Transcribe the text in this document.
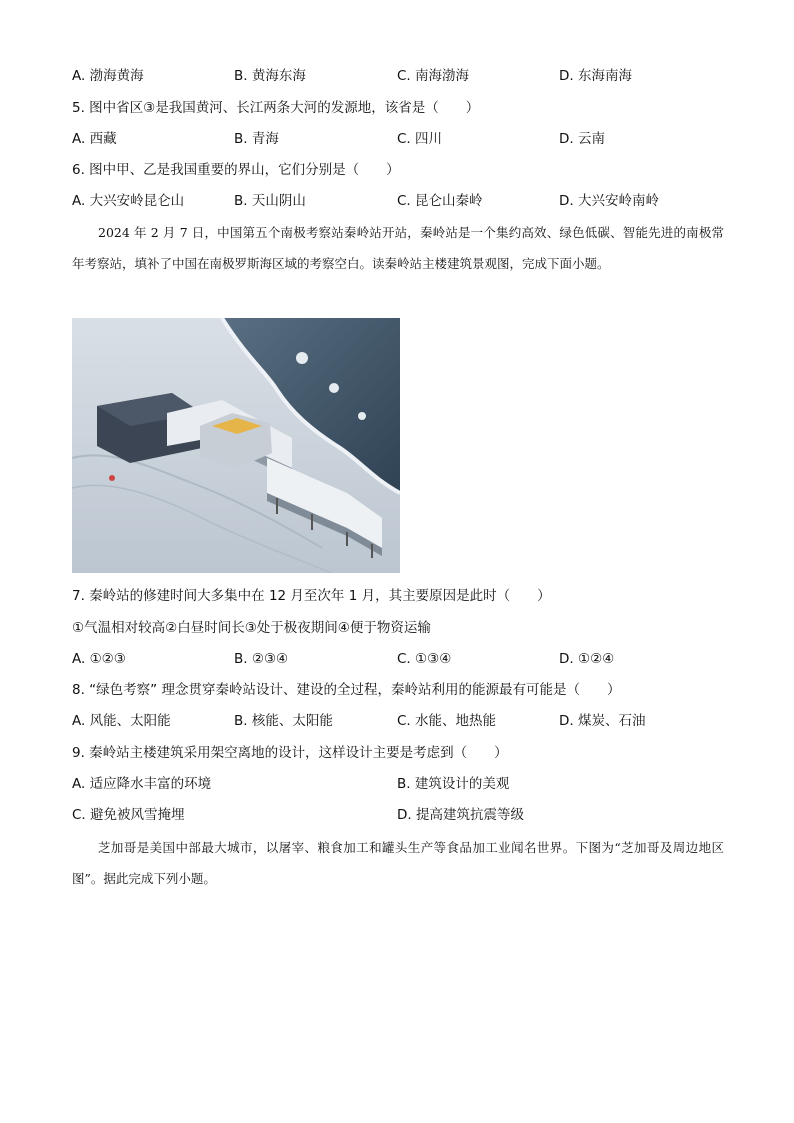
A. 渤海黄海	B. 黄海东海	C. 南海渤海	D. 东海南海
5. 图中省区③是我国黄河、长江两条大河的发源地，该省是（　　）
A. 西藏	B. 青海	C. 四川	D. 云南
6. 图中甲、乙是我国重要的界山，它们分别是（　　）
A. 大兴安岭昆仑山	B. 天山阴山	C. 昆仑山秦岭	D. 大兴安岭南岭

2024 年 2 月 7 日，中国第五个南极考察站秦岭站开站，秦岭站是一个集约高效、绿色低碳、智能先进的南极常年考察站，填补了中国在南极罗斯海区域的考察空白。读秦岭站主楼建筑景观图，完成下面小题。

7. 秦岭站的修建时间大多集中在 12 月至次年 1 月，其主要原因是此时（　　）
①气温相对较高②白昼时间长③处于极夜期间④便于物资运输
A. ①②③	B. ②③④	C. ①③④	D. ①②④
8. “绿色考察” 理念贯穿秦岭站设计、建设的全过程，秦岭站利用的能源最有可能是（　　）
A. 风能、太阳能	B. 核能、太阳能	C. 水能、地热能	D. 煤炭、石油
9. 秦岭站主楼建筑采用架空离地的设计，这样设计主要是考虑到（　　）
A. 适应降水丰富的环境	B. 建筑设计的美观
C. 避免被风雪掩埋	D. 提高建筑抗震等级

芝加哥是美国中部最大城市，以屠宰、粮食加工和罐头生产等食品加工业闻名世界。下图为“芝加哥及周边地区图”。据此完成下列小题。
